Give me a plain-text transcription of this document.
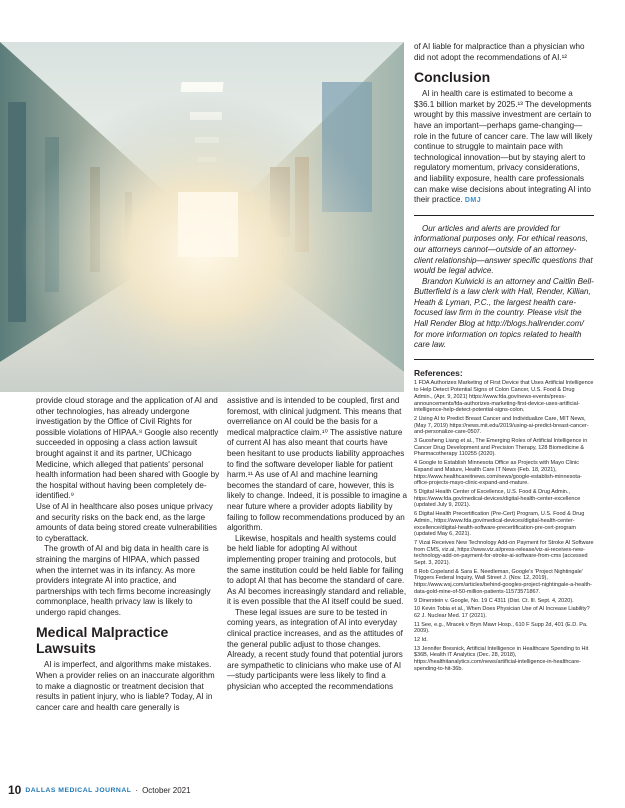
provide cloud storage and the application of AI and other technologies, has already undergone investigation by the Office of Civil Rights for possible violations of HIPAA.⁸ Google also recently succeeded in opposing a class action lawsuit brought against it and its partner, UChicago Medicine, which alleged that patients' personal health information had been shared with Google by the hospital without having been completely de-identified.⁹

Use of AI in healthcare also poses unique privacy and security risks on the back end, as the large amounts of data being stored create vulnerabilities to cyberattack.

The growth of AI and big data in health care is straining the margins of HIPAA, which passed when the internet was in its infancy. As more providers integrate AI into practice, and partnerships with tech firms become increasingly commonplace, health privacy law is likely to undergo rapid changes.

Medical Malpractice Lawsuits

AI is imperfect, and algorithms make mistakes. When a provider relies on an inaccurate algorithm to make a diagnostic or treatment decision that results in patient injury, who is liable? Today, AI in cancer care and health care generally is

assistive and is intended to be coupled, first and foremost, with clinical judgment. This means that overreliance on AI could be the basis for a medical malpractice claim.¹⁰ The assistive nature of current AI has also meant that courts have been hesitant to use products liability approaches to find the software developer liable for patient harm.¹¹ As use of AI and machine learning becomes the standard of care, however, this is likely to change. Indeed, it is possible to imagine a near future where a provider adopts liability by failing to follow recommendations produced by an algorithm.

Likewise, hospitals and health systems could be held liable for adopting AI without implementing proper training and protocols, but the same institution could be held liable for failing to adopt AI that has become the standard of care. As AI becomes increasingly standard and reliable, it is even possible that the AI itself could be sued.

These legal issues are sure to be tested in coming years, as integration of AI into everyday clinical practice increases, and as the attitudes of the general public adjust to those changes. Already, a recent study found that potential jurors are sympathetic to clinicians who make use of AI—study participants were less likely to find a physician who accepted the recommendations

of AI liable for malpractice than a physician who did not adopt the recommendations of AI.¹²

Conclusion

AI in health care is estimated to become a $36.1 billion market by 2025.¹³ The developments wrought by this massive investment are certain to have an important—perhaps game-changing—role in the future of cancer care. The law will likely continue to struggle to maintain pace with technological innovation—but by staying alert to regulatory momentum, privacy considerations, and liability exposure, health care professionals can make wise decisions about integrating AI into their practice. DMJ

Our articles and alerts are provided for informational purposes only. For ethical reasons, our attorneys cannot—outside of an attorney-client relationship—answer specific questions that would be legal advice.

Brandon Kulwicki is an attorney and Caitlin Bell-Butterfield is a law clerk with Hall, Render, Killian, Heath & Lyman, P.C., the largest health care-focused law firm in the country. Please visit the Hall Render Blog at http://blogs.hallrender.com/ for more information on topics related to health care law.

References:
1 FDA Authorizes Marketing of First Device that Uses Artificial Intelligence to Help Detect Potential Signs of Colon Cancer, U.S. Food & Drug Admin., (Apr. 9, 2021) https://www.fda.gov/news-events/press-announcements/fda-authorizes-marketing-first-device-uses-artificial-intelligence-help-detect-potential-signs-colon.
2 Using AI to Predict Breast Cancer and Individualize Care, MIT News, (May 7, 2019) https://news.mit.edu/2019/using-ai-predict-breast-cancer-and-personalize-care-0507.
3 Guosheng Liang et al., The Emerging Roles of Artificial Intelligence in Cancer Drug Development and Precision Therapy, 128 Biomedicine & Pharmacotherapy 110255 (2020).
4 Google to Establish Minnesota Office as Projects with Mayo Clinic Expand and Mature, Health Care IT News (Feb. 18, 2021), https://www.healthcareitnews.com/news/google-establish-minnesota-office-projects-mayo-clinic-expand-and-mature.
5 Digital Health Center of Excellence, U.S. Food & Drug Admin., https://www.fda.gov/medical-devices/digital-health-center-excellence (updated July 9, 2021).
6 Digital Health Precertification (Pre-Cert) Program, U.S. Food & Drug Admin., https://www.fda.gov/medical-devices/digital-health-center-excellence/digital-health-software-precertification-pre-cert-program (updated May 6, 2021).
7 Vizai Receives New Technology Add-on Payment for Stroke AI Software from CMS, viz.ai, https://www.viz.ai/press-release/viz-ai-receives-new-technology-add-on-payment-for-stroke-ai-software-from-cms (accessed Sept. 3, 2021).
8 Rob Copeland & Sara E. Needleman, Google's 'Project Nightingale' Triggers Federal Inquiry, Wall Street J. (Nov. 12, 2019), https://www.wsj.com/articles/behind-googles-project-nightingale-a-health-data-gold-mine-of-50-million-patients-11573571867.
9 Dinerstein v. Google, No. 19 C 4311 (Dist. Ct. Ill. Sept. 4, 2020).
10 Kevin Tobia et al., When Does Physician Use of AI Increase Liability? 62 J. Nuclear Med. 17 (2021).
11 See, e.g., Mracek v Bryn Mawr Hosp., 610 F Supp 2d, 401 (E.D. Pa. 2009).
12 Id.
13 Jennifer Bresnick, Artificial Intelligence in Healthcare Spending to Hit $36B, Health IT Analytics (Dec. 28, 2018), https://healthitanalytics.com/news/artificial-intelligence-in-healthcare-spending-to-hit-36b.
10 DALLAS MEDICAL JOURNAL · October 2021
